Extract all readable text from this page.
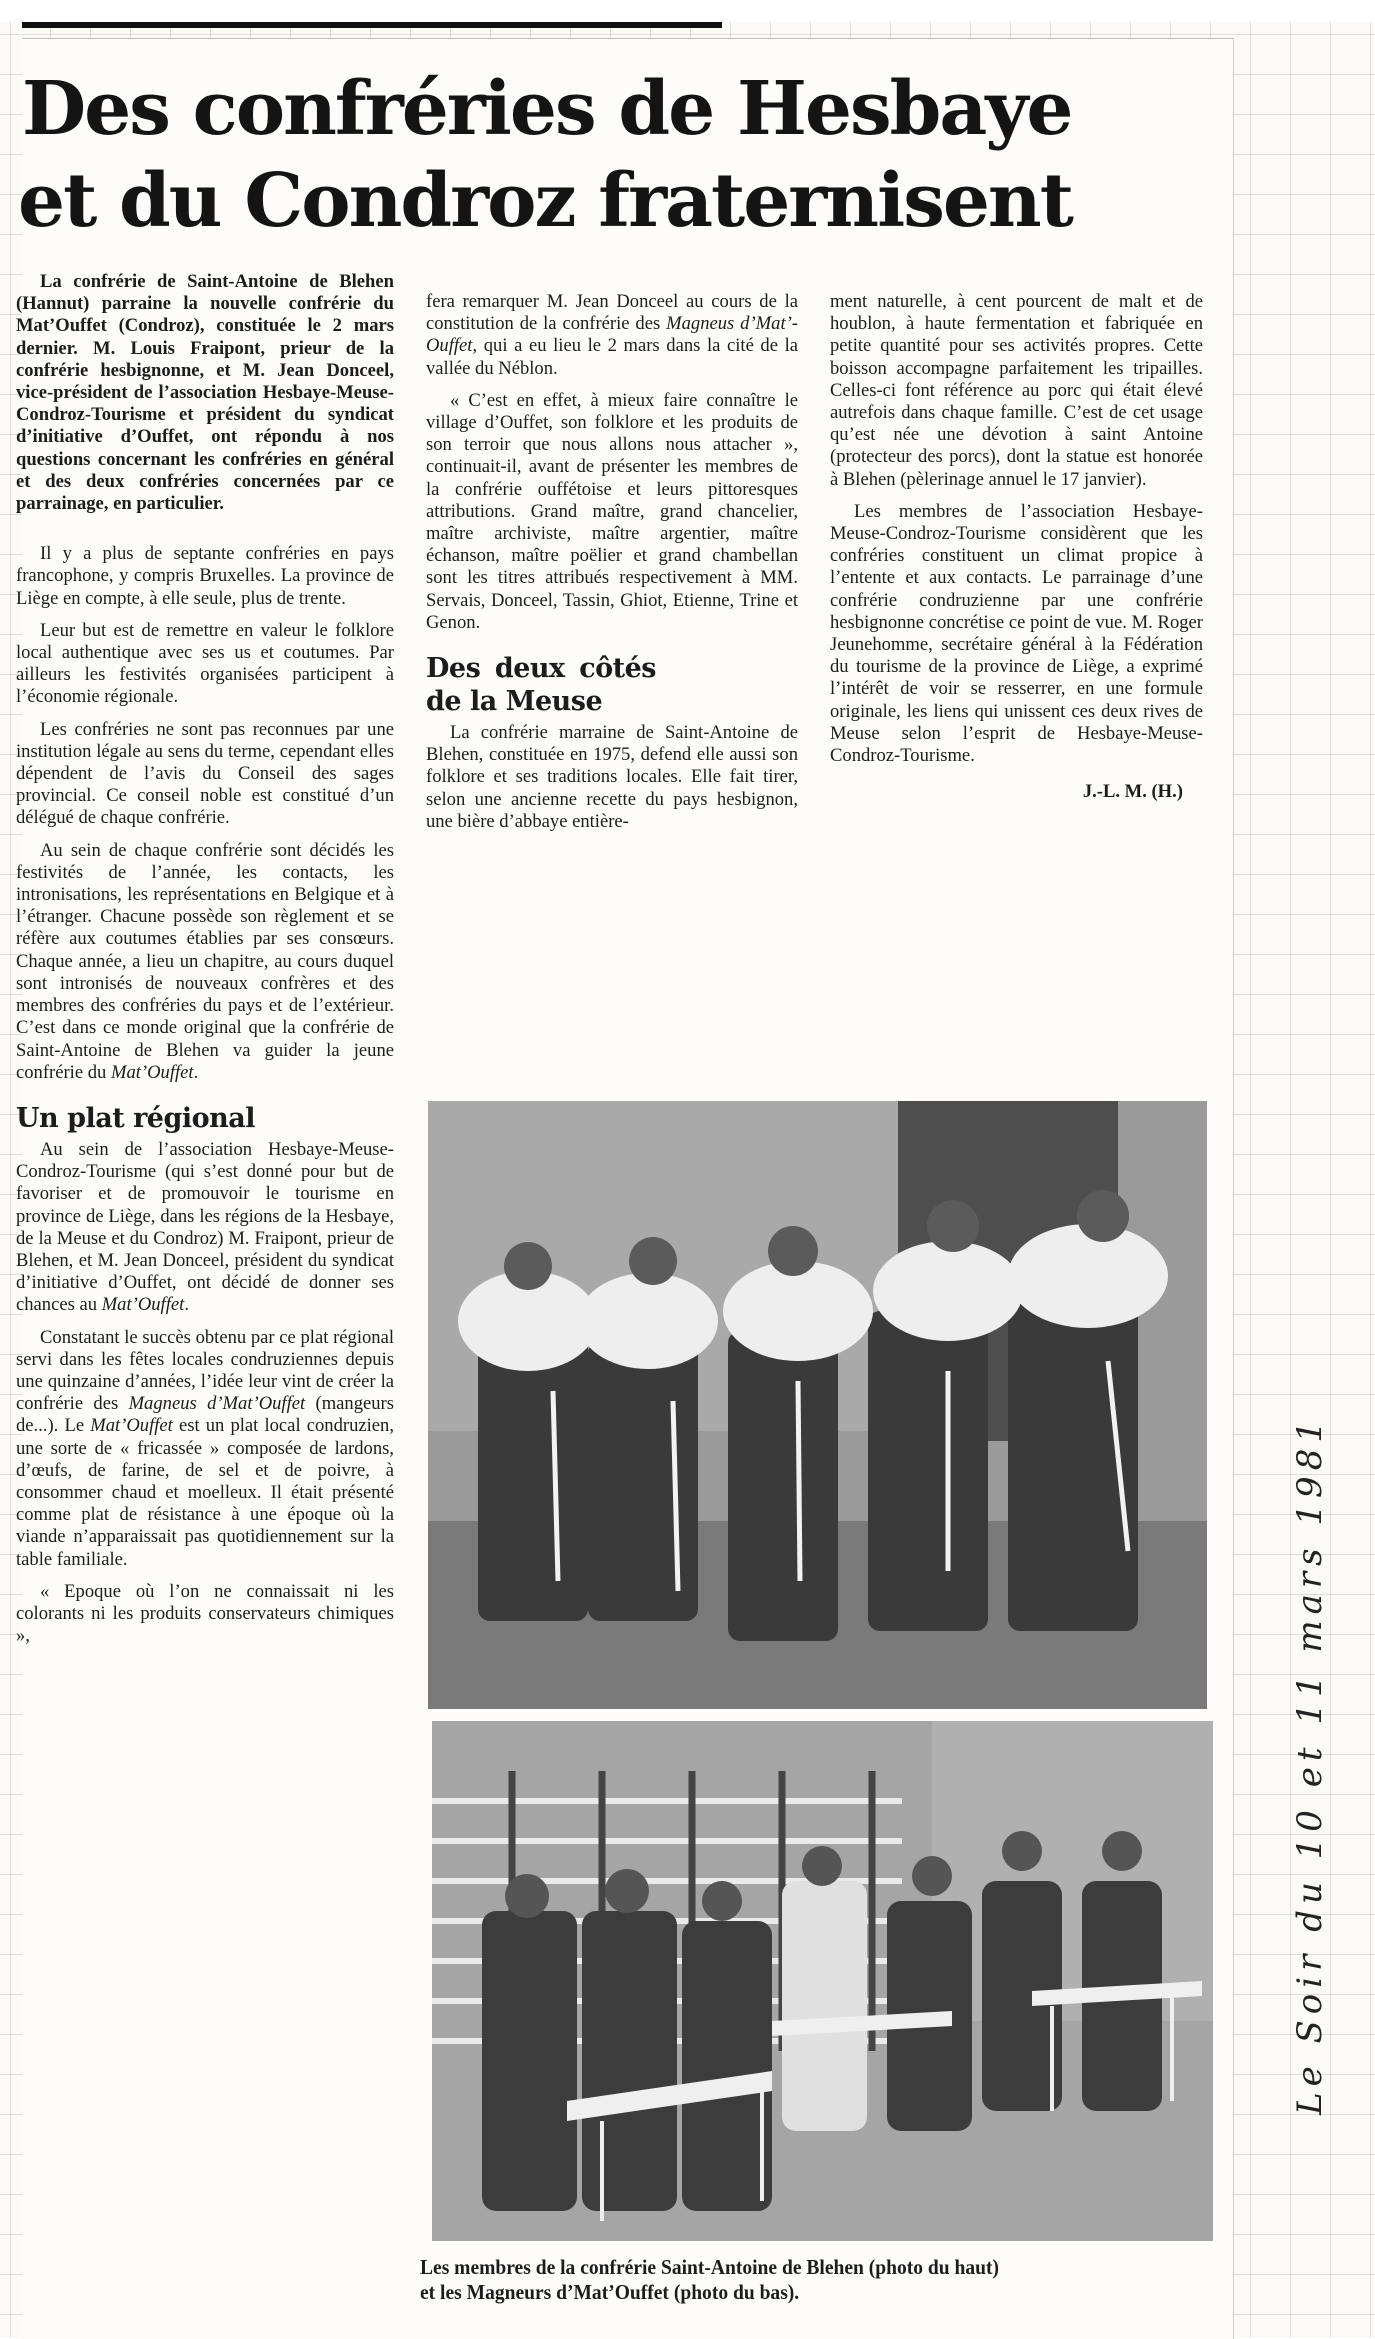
Des confréries de Hesbaye
et du Condroz fraternisent

La confrérie de Saint-Antoine de Blehen (Hannut) parraine la nouvelle confrérie du Mat’Ouffet (Condroz), constituée le 2 mars dernier. M. Louis Fraipont, prieur de la confrérie hesbignonne, et M. Jean Donceel, vice-président de l’association Hesbaye-Meuse-Condroz-Tourisme et président du syndicat d’initiative d’Ouffet, ont répondu à nos questions concernant les confréries en général et des deux confréries concernées par ce parrainage, en particulier.

Il y a plus de septante confréries en pays francophone, y compris Bruxelles. La province de Liège en compte, à elle seule, plus de trente.

Leur but est de remettre en valeur le folklore local authentique avec ses us et coutumes. Par ailleurs les festivités organisées participent à l’économie régionale.

Les confréries ne sont pas reconnues par une institution légale au sens du terme, cependant elles dépendent de l’avis du Conseil des sages provincial. Ce conseil noble est constitué d’un délégué de chaque confrérie.

Au sein de chaque confrérie sont décidés les festivités de l’année, les contacts, les intronisations, les représentations en Belgique et à l’étranger. Chacune possède son règlement et se réfère aux coutumes établies par ses consœurs. Chaque année, a lieu un chapitre, au cours duquel sont intronisés de nouveaux confrères et des membres des confréries du pays et de l’extérieur. C’est dans ce monde original que la confrérie de Saint-Antoine de Blehen va guider la jeune confrérie du Mat’Ouffet.

Un plat régional

Au sein de l’association Hesbaye-Meuse-Condroz-Tourisme (qui s’est donné pour but de favoriser et de promouvoir le tourisme en province de Liège, dans les régions de la Hesbaye, de la Meuse et du Condroz) M. Fraipont, prieur de Blehen, et M. Jean Donceel, président du syndicat d’initiative d’Ouffet, ont décidé de donner ses chances au Mat’Ouffet.

Constatant le succès obtenu par ce plat régional servi dans les fêtes locales condruziennes depuis une quinzaine d’années, l’idée leur vint de créer la confrérie des Magneus d’Mat’Ouffet (mangeurs de...). Le Mat’Ouffet est un plat local condruzien, une sorte de « fricassée » composée de lardons, d’œufs, de farine, de sel et de poivre, à consommer chaud et moelleux. Il était présenté comme plat de résistance à une époque où la viande n’apparaissait pas quotidiennement sur la table familiale.

« Epoque où l’on ne connaissait ni les colorants ni les produits conservateurs chimiques »,

fera remarquer M. Jean Donceel au cours de la constitution de la confrérie des Magneus d’Mat’-Ouffet, qui a eu lieu le 2 mars dans la cité de la vallée du Néblon.

« C’est en effet, à mieux faire connaître le village d’Ouffet, son folklore et les produits de son terroir que nous allons nous attacher », continuait-il, avant de présenter les membres de la confrérie ouffétoise et leurs pittoresques attributions. Grand maître, grand chancelier, maître archiviste, maître argentier, maître échanson, maître poëlier et grand chambellan sont les titres attribués respectivement à MM. Servais, Donceel, Tassin, Ghiot, Etienne, Trine et Genon.

Des deux côtés de la Meuse

La confrérie marraine de Saint-Antoine de Blehen, constituée en 1975, defend elle aussi son folklore et ses traditions locales. Elle fait tirer, selon une ancienne recette du pays hesbignon, une bière d’abbaye entière-

ment naturelle, à cent pourcent de malt et de houblon, à haute fermentation et fabriquée en petite quantité pour ses activités propres. Cette boisson accompagne parfaitement les tripailles. Celles-ci font référence au porc qui était élevé autrefois dans chaque famille. C’est de cet usage qu’est née une dévotion à saint Antoine (protecteur des porcs), dont la statue est honorée à Blehen (pèlerinage annuel le 17 janvier).

Les membres de l’association Hesbaye-Meuse-Condroz-Tourisme considèrent que les confréries constituent un climat propice à l’entente et aux contacts. Le parrainage d’une confrérie condruzienne par une confrérie hesbignonne concrétise ce point de vue. M. Roger Jeunehomme, secrétaire général à la Fédération du tourisme de la province de Liège, a exprimé l’intérêt de voir se resserrer, en une formule originale, les liens qui unissent ces deux rives de Meuse selon l’esprit de Hesbaye-Meuse-Condroz-Tourisme.

J.-L. M. (H.)
Les membres de la confrérie Saint-Antoine de Blehen (photo du haut)
et les Magneurs d’Mat’Ouffet (photo du bas).
Le Soir du 10 et 11 mars 1981
